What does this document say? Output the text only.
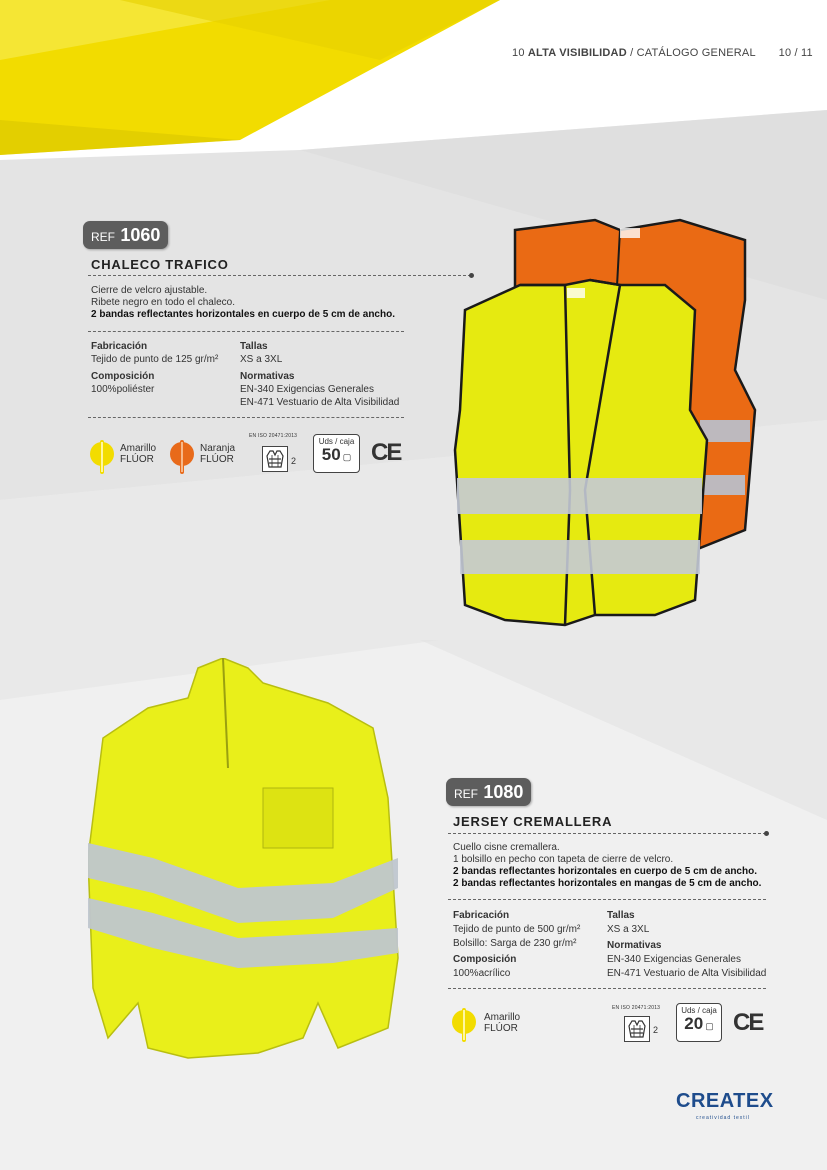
10 ALTA VISIBILIDAD / CATÁLOGO GENERAL 10 / 11
REF 1060
CHALECO TRAFICO
Cierre de velcro ajustable.
Ribete negro en todo el chaleco.
2 bandas reflectantes horizontales en cuerpo de 5 cm de ancho.
Fabricación
Tejido de punto de 125 gr/m²
Composición
100%poliéster
Tallas
XS a 3XL
Normativas
EN-340 Exigencias Generales
EN-471 Vestuario de Alta Visibilidad
Amarillo
FLÚOR
Naranja
FLÚOR
EN ISO 20471:2013
2
Uds / caja
50 ▢ CE
REF 1080
JERSEY CREMALLERA
Cuello cisne cremallera.
1 bolsillo en pecho con tapeta de cierre de velcro.
2 bandas reflectantes horizontales en cuerpo de 5 cm de ancho.
2 bandas reflectantes horizontales en mangas de 5 cm de ancho.
Fabricación
Tejido de punto de 500 gr/m²
Bolsillo: Sarga de 230 gr/m²
Composición
100%acrílico
Tallas
XS a 3XL
Normativas
EN-340 Exigencias Generales
EN-471 Vestuario de Alta Visibilidad
Amarillo
FLÚOR
EN ISO 20471:2013
2
Uds / caja
20 ▢ CE
CREATEX
creatividad textil
